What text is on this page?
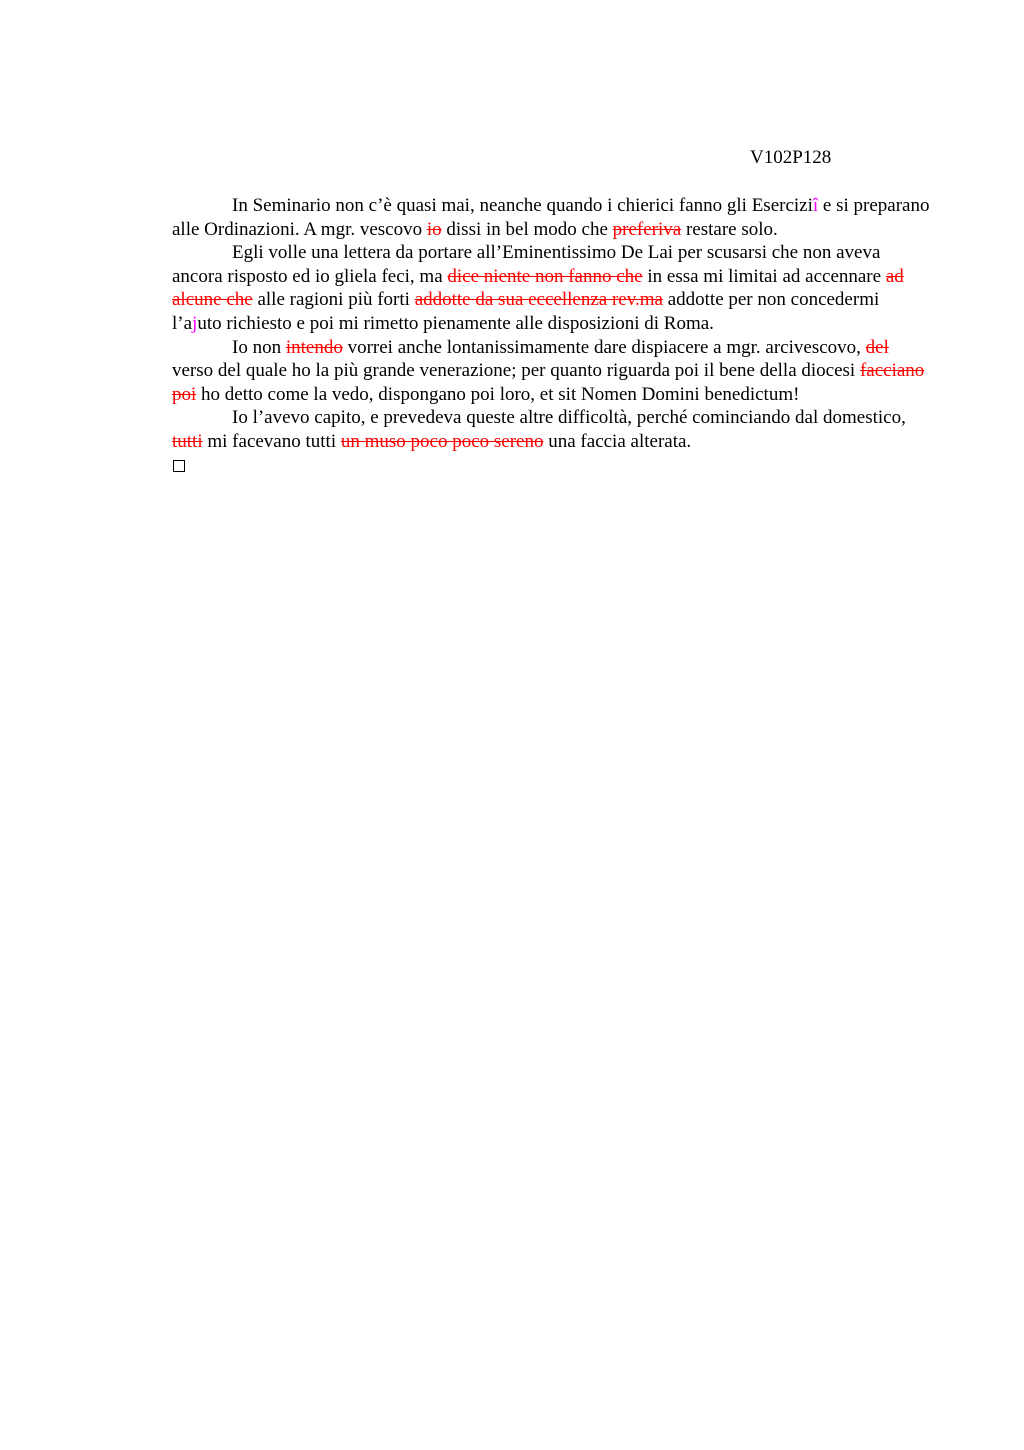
V102P128

In Seminario non c’è quasi mai, neanche quando i chierici fanno gli Eserciziî e si preparano alle Ordinazioni. A mgr. vescovo io dissi in bel modo che preferiva restare solo.

Egli volle una lettera da portare all’Eminentissimo De Lai per scusarsi che non aveva ancora risposto ed io gliela feci, ma dice niente non fanno che in essa mi limitai ad accennare ad alcune che alle ragioni più forti addotte da sua eccellenza rev.ma addotte per non concedermi l’ajuto richiesto e poi mi rimetto pienamente alle disposizioni di Roma.

Io non intendo vorrei anche lontanissimamente dare dispiacere a mgr. arcivescovo, del verso del quale ho la più grande venerazione; per quanto riguarda poi il bene della diocesi facciano poi ho detto come la vedo, dispongano poi loro, et sit Nomen Domini benedictum!

Io l’avevo capito, e prevedeva queste altre difficoltà, perché cominciando dal domestico, tutti mi facevano tutti un muso poco poco sereno una faccia alterata.
